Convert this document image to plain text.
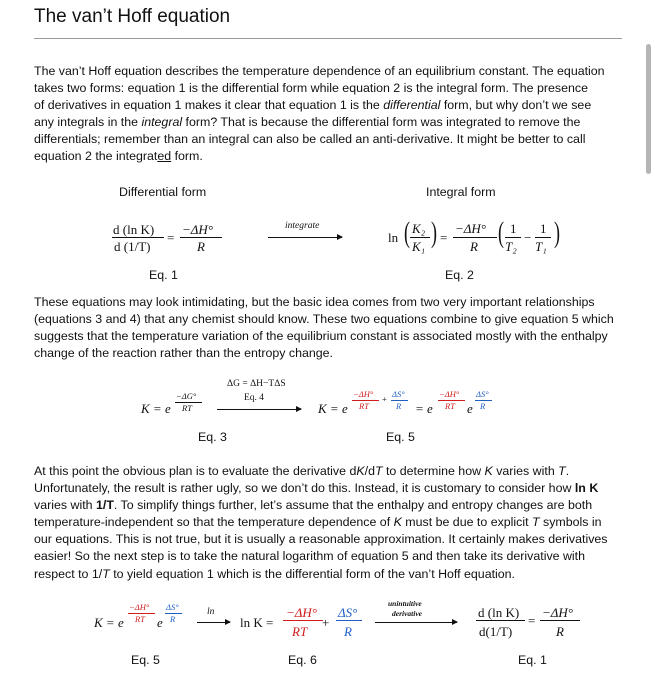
The van’t Hoff equation
The van’t Hoff equation describes the temperature dependence of an equilibrium constant. The equation
takes two forms: equation 1 is the differential form while equation 2 is the integral form. The presence
of derivatives in equation 1 makes it clear that equation 1 is the differential form, but why don’t we see
any integrals in the integral form? That is because the differential form was integrated to remove the
differentials; remember than an integral can also be called an anti-derivative. It might be better to call
equation 2 the integrated form.
Differential form	Integral form
d (ln K)
d (1/T)
=
−ΔH°
R
integrate
ln ( K₂
K₁ ) =
−ΔH°
R ( 1
T₂
−
1
T₁ )
Eq. 1	Eq. 2
These equations may look intimidating, but the basic idea comes from two very important relationships
(equations 3 and 4) that any chemist should know. These two equations combine to give equation 5 which
suggests that the temperature variation of the equilibrium constant is associated mostly with the enthalpy
change of the reaction rather than the entropy change.
K = e
−ΔG°
RT
ΔG = ΔH−TΔS
Eq. 4
K = e
−ΔH°
RT
+ ΔS°
R = e
−ΔH°
RT e
ΔS°
R
Eq. 3	Eq. 5
At this point the obvious plan is to evaluate the derivative dK/dT to determine how K varies with T.
Unfortunately, the result is rather ugly, so we don’t do this. Instead, it is customary to consider how ln K
varies with 1/T. To simplify things further, let’s assume that the enthalpy and entropy changes are both
temperature-independent so that the temperature dependence of K must be due to explicit T symbols in
our equations. This is not true, but it is usually a reasonable approximation. It certainly makes derivatives
easier! So the next step is to take the natural logarithm of equation 5 and then take its derivative with
respect to 1/T to yield equation 1 which is the differential form of the van’t Hoff equation.
K = e
−ΔH°
RT e
ΔS°
R
ln
ln K =
−ΔH°
RT
+
ΔS°
R
unintuitive
derivative	d (ln K)
d(1/T)
=
−ΔH°
R
Eq. 5	Eq. 6	Eq. 1
